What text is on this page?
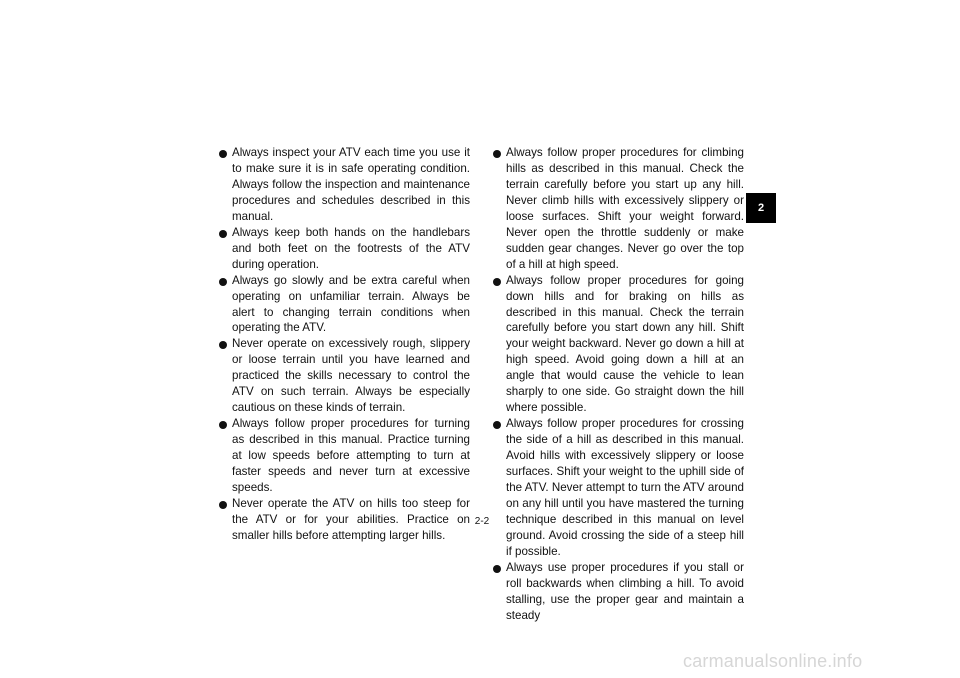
Always inspect your ATV each time you use it to make sure it is in safe operating condition. Always follow the inspection and maintenance procedures and schedules described in this manual.

Always keep both hands on the handlebars and both feet on the footrests of the ATV during operation.

Always go slowly and be extra careful when operating on unfamiliar terrain. Always be alert to changing terrain conditions when operating the ATV.

Never operate on excessively rough, slippery or loose terrain until you have learned and practiced the skills necessary to control the ATV on such terrain. Always be especially cautious on these kinds of terrain.

Always follow proper procedures for turning as described in this manual. Practice turning at low speeds before attempting to turn at faster speeds and never turn at excessive speeds.

Never operate the ATV on hills too steep for the ATV or for your abilities. Practice on smaller hills before attempting larger hills.

Always follow proper procedures for climbing hills as described in this manual. Check the terrain carefully before you start up any hill. Never climb hills with excessively slippery or loose surfaces. Shift your weight forward. Never open the throttle suddenly or make sudden gear changes. Never go over the top of a hill at high speed.

Always follow proper procedures for going down hills and for braking on hills as described in this manual. Check the terrain carefully before you start down any hill. Shift your weight backward. Never go down a hill at high speed. Avoid going down a hill at an angle that would cause the vehicle to lean sharply to one side. Go straight down the hill where possible.

Always follow proper procedures for crossing the side of a hill as described in this manual. Avoid hills with excessively slippery or loose surfaces. Shift your weight to the uphill side of the ATV. Never attempt to turn the ATV around on any hill until you have mastered the turning technique described in this manual on level ground. Avoid crossing the side of a steep hill if possible.

Always use proper procedures if you stall or roll backwards when climbing a hill. To avoid stalling, use the proper gear and maintain a steady

2
2-2
carmanualsonline.info
